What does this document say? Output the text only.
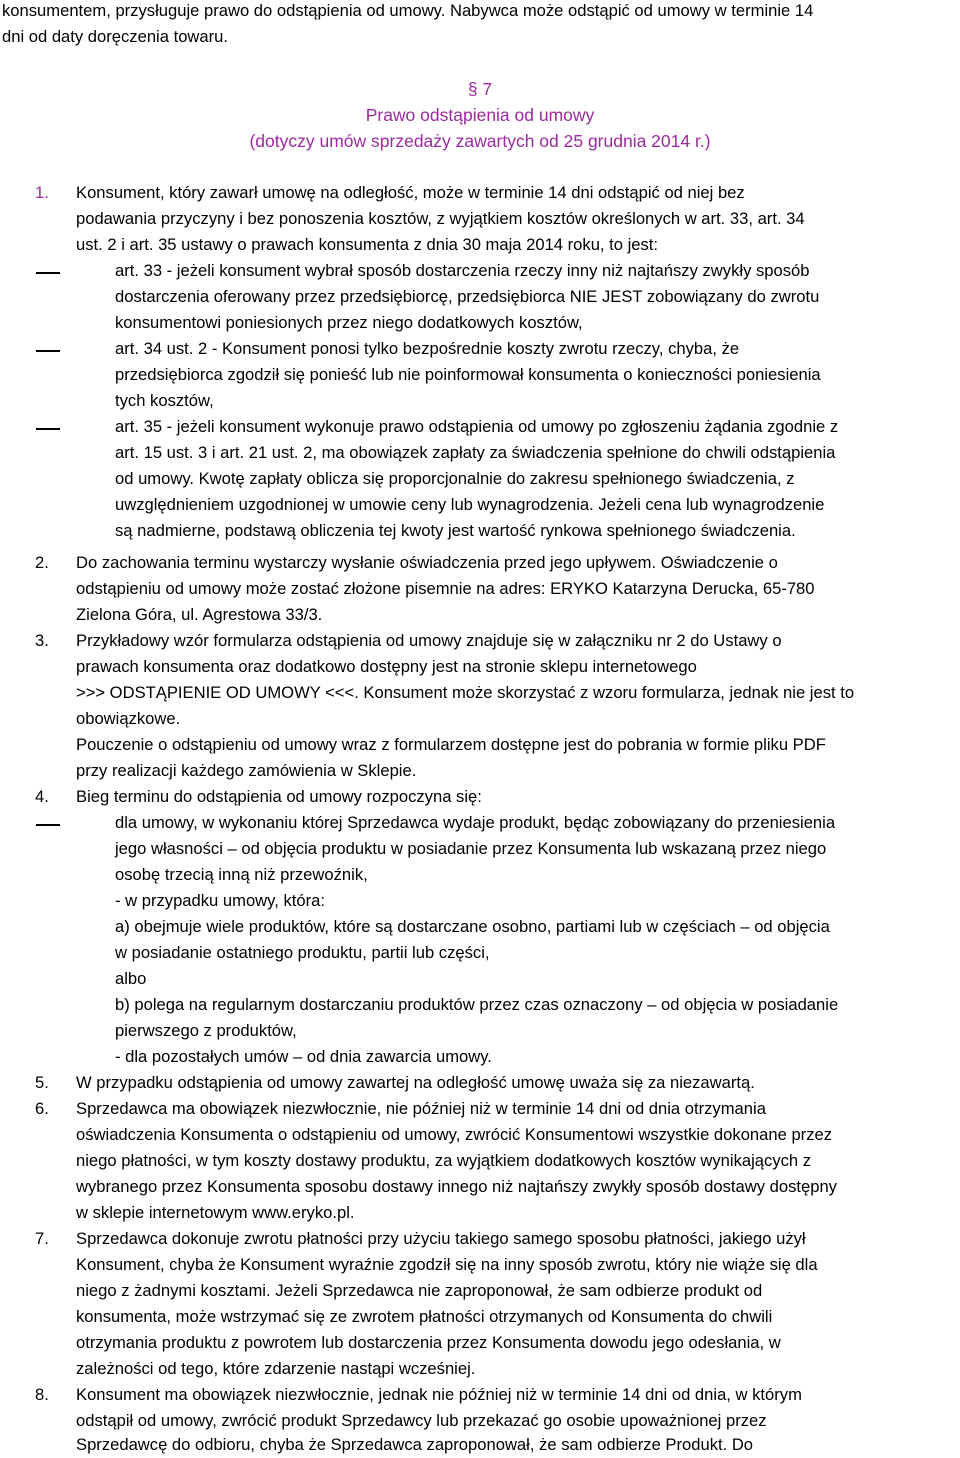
konsumentem, przysługuje prawo do odstąpienia od umowy. Nabywca może odstąpić od umowy w terminie 14
dni od daty doręczenia towaru.
§ 7
Prawo odstąpienia od umowy
(dotyczy umów sprzedaży zawartych od 25 grudnia 2014 r.)
1. Konsument, który zawarł umowę na odległość, może w terminie 14 dni odstąpić od niej bez
podawania przyczyny i bez ponoszenia kosztów, z wyjątkiem kosztów określonych w art. 33, art. 34
ust. 2 i art. 35 ustawy o prawach konsumenta z dnia 30 maja 2014 roku, to jest:
art. 33 - jeżeli konsument wybrał sposób dostarczenia rzeczy inny niż najtańszy zwykły sposób
dostarczenia oferowany przez przedsiębiorcę, przedsiębiorca NIE JEST zobowiązany do zwrotu
konsumentowi poniesionych przez niego dodatkowych kosztów,
art. 34 ust. 2 - Konsument ponosi tylko bezpośrednie koszty zwrotu rzeczy, chyba, że
przedsiębiorca zgodził się ponieść lub nie poinformował konsumenta o konieczności poniesienia
tych kosztów,
art. 35 - jeżeli konsument wykonuje prawo odstąpienia od umowy po zgłoszeniu żądania zgodnie z
art. 15 ust. 3 i art. 21 ust. 2, ma obowiązek zapłaty za świadczenia spełnione do chwili odstąpienia
od umowy. Kwotę zapłaty oblicza się proporcjonalnie do zakresu spełnionego świadczenia, z
uwzględnieniem uzgodnionej w umowie ceny lub wynagrodzenia. Jeżeli cena lub wynagrodzenie
są nadmierne, podstawą obliczenia tej kwoty jest wartość rynkowa spełnionego świadczenia.
2. Do zachowania terminu wystarczy wysłanie oświadczenia przed jego upływem. Oświadczenie o
odstąpieniu od umowy może zostać złożone pisemnie na adres: ERYKO Katarzyna Derucka, 65-780
Zielona Góra, ul. Agrestowa 33/3.
3. Przykładowy wzór formularza odstąpienia od umowy znajduje się w załączniku nr 2 do Ustawy o
prawach konsumenta oraz dodatkowo dostępny jest na stronie sklepu internetowego
>>> ODSTĄPIENIE OD UMOWY <<<. Konsument może skorzystać z wzoru formularza, jednak nie jest to
obowiązkowe.
Pouczenie o odstąpieniu od umowy wraz z formularzem dostępne jest do pobrania w formie pliku PDF
przy realizacji każdego zamówienia w Sklepie.
4. Bieg terminu do odstąpienia od umowy rozpoczyna się:
dla umowy, w wykonaniu której Sprzedawca wydaje produkt, będąc zobowiązany do przeniesienia
jego własności – od objęcia produktu w posiadanie przez Konsumenta lub wskazaną przez niego
osobę trzecią inną niż przewoźnik,
- w przypadku umowy, która:
a) obejmuje wiele produktów, które są dostarczane osobno, partiami lub w częściach – od objęcia
w posiadanie ostatniego produktu, partii lub części,
albo
b) polega na regularnym dostarczaniu produktów przez czas oznaczony – od objęcia w posiadanie
pierwszego z produktów,
- dla pozostałych umów – od dnia zawarcia umowy.
5. W przypadku odstąpienia od umowy zawartej na odległość umowę uważa się za niezawartą.
6. Sprzedawca ma obowiązek niezwłocznie, nie później niż w terminie 14 dni od dnia otrzymania
oświadczenia Konsumenta o odstąpieniu od umowy, zwrócić Konsumentowi wszystkie dokonane przez
niego płatności, w tym koszty dostawy produktu, za wyjątkiem dodatkowych kosztów wynikających z
wybranego przez Konsumenta sposobu dostawy innego niż najtańszy zwykły sposób dostawy dostępny
w sklepie internetowym www.eryko.pl.
7. Sprzedawca dokonuje zwrotu płatności przy użyciu takiego samego sposobu płatności, jakiego użył
Konsument, chyba że Konsument wyraźnie zgodził się na inny sposób zwrotu, który nie wiąże się dla
niego z żadnymi kosztami. Jeżeli Sprzedawca nie zaproponował, że sam odbierze produkt od
konsumenta, może wstrzymać się ze zwrotem płatności otrzymanych od Konsumenta do chwili
otrzymania produktu z powrotem lub dostarczenia przez Konsumenta dowodu jego odesłania, w
zależności od tego, które zdarzenie nastąpi wcześniej.
8. Konsument ma obowiązek niezwłocznie, jednak nie później niż w terminie 14 dni od dnia, w którym
odstąpił od umowy, zwrócić produkt Sprzedawcy lub przekazać go osobie upoważnionej przez
Sprzedawcę do odbioru, chyba że Sprzedawca zaproponował, że sam odbierze Produkt. Do
